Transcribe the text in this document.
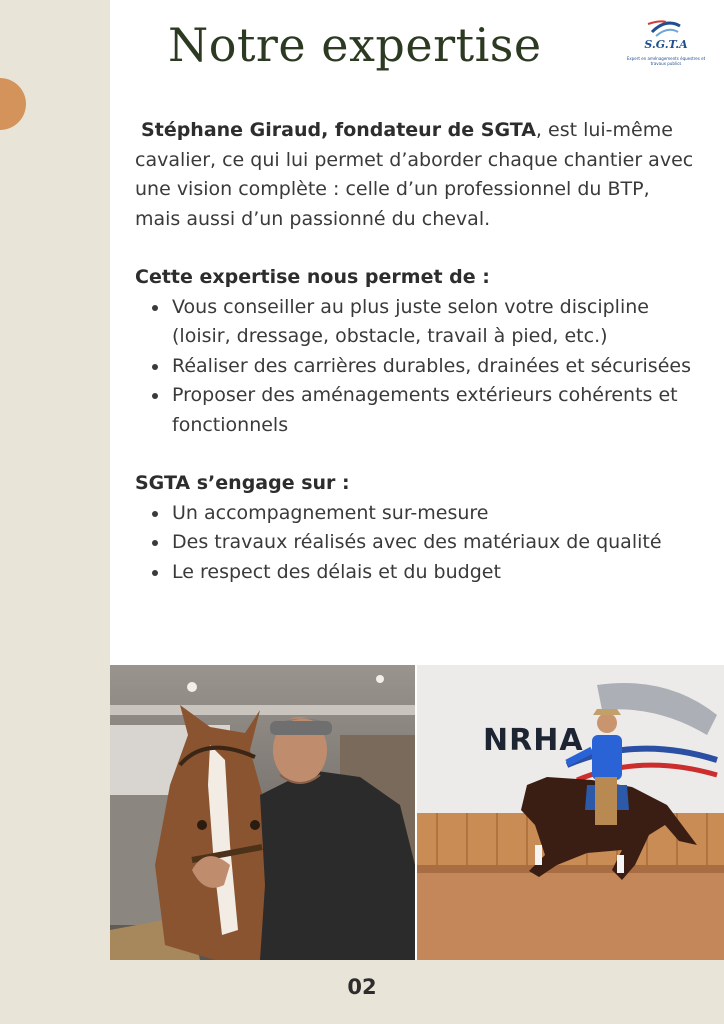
Notre expertise	S.G.T.A
Expert en aménagements équestres et travaux publics

Stéphane Giraud, fondateur de SGTA, est lui-même cavalier, ce qui lui permet d’aborder chaque chantier avec une vision complète : celle d’un professionnel du BTP, mais aussi d’un passionné du cheval.

Cette expertise nous permet de :

• Vous conseiller au plus juste selon votre discipline (loisir, dressage, obstacle, travail à pied, etc.)
• Réaliser des carrières durables, drainées et sécurisées
• Proposer des aménagements extérieurs cohérents et fonctionnels

SGTA s’engage sur :

• Un accompagnement sur-mesure
• Des travaux réalisés avec des matériaux de qualité
• Le respect des délais et du budget
NRHA
02
